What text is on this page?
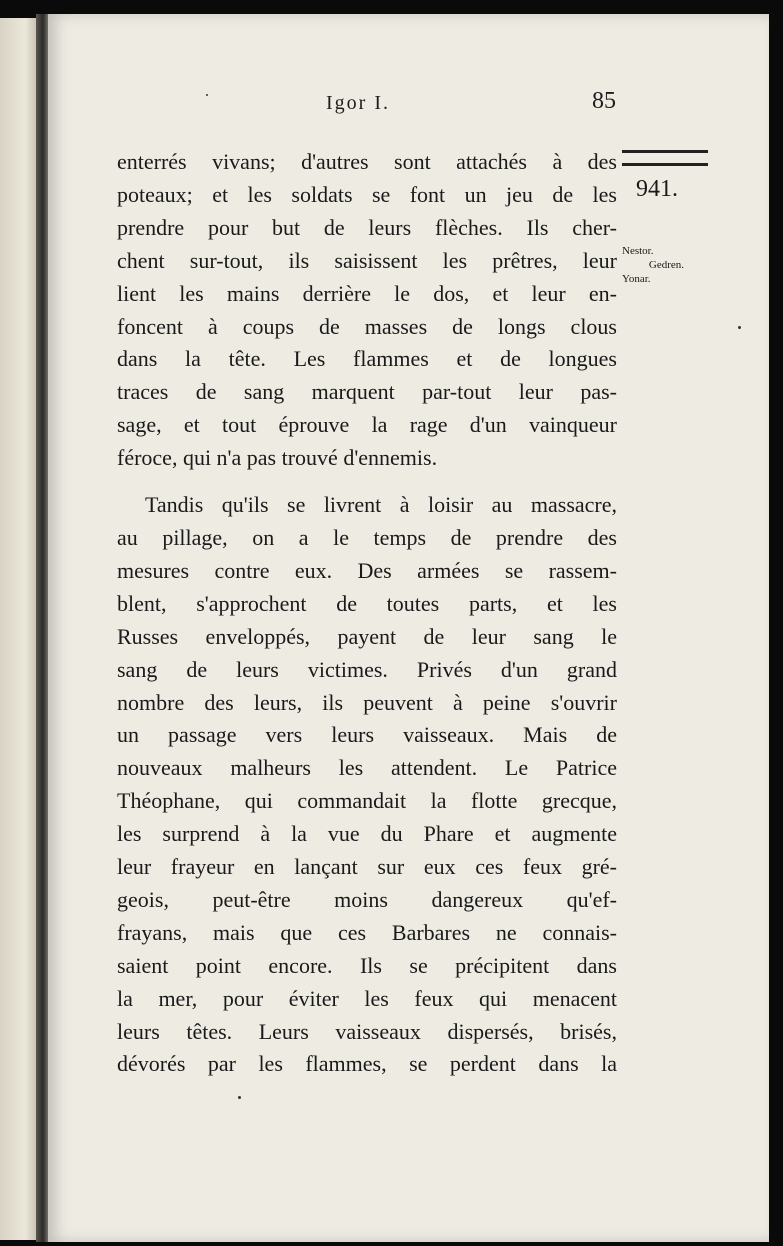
Igor I.	85
941.
Nestor.
Gedren.
Yonar.
enterrés vivans; d'autres sont attachés à des
poteaux; et les soldats se font un jeu de les
prendre pour but de leurs flèches. Ils cher-
chent sur-tout, ils saisissent les prêtres, leur
lient les mains derrière le dos, et leur en-
foncent à coups de masses de longs clous
dans la tête. Les flammes et de longues
traces de sang marquent par-tout leur pas-
sage, et tout éprouve la rage d'un vainqueur
féroce, qui n'a pas trouvé d'ennemis.
Tandis qu'ils se livrent à loisir au massacre,
au pillage, on a le temps de prendre des
mesures contre eux. Des armées se rassem-
blent, s'approchent de toutes parts, et les
Russes enveloppés, payent de leur sang le
sang de leurs victimes. Privés d'un grand
nombre des leurs, ils peuvent à peine s'ouvrir
un passage vers leurs vaisseaux. Mais de
nouveaux malheurs les attendent. Le Patrice
Théophane, qui commandait la flotte grecque,
les surprend à la vue du Phare et augmente
leur frayeur en lançant sur eux ces feux gré-
geois, peut-être moins dangereux qu'ef-
frayans, mais que ces Barbares ne connais-
saient point encore. Ils se précipitent dans
la mer, pour éviter les feux qui menacent
leurs têtes. Leurs vaisseaux dispersés, brisés,
dévorés par les flammes, se perdent dans la
